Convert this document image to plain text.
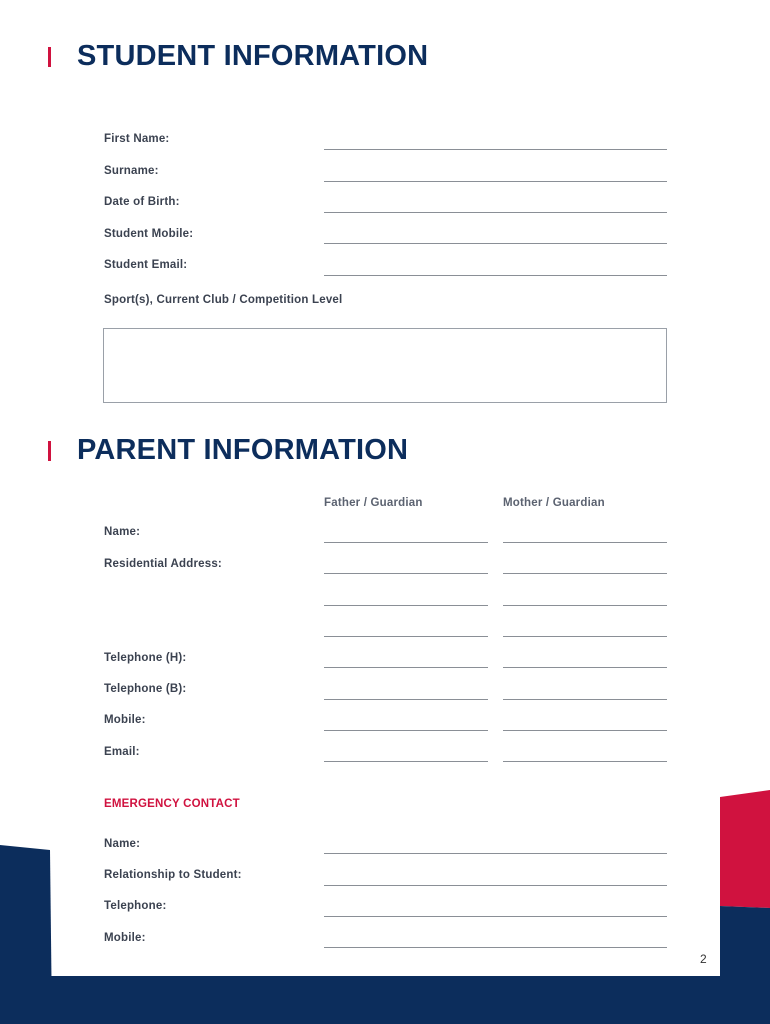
STUDENT INFORMATION
First Name:
Surname:
Date of Birth:
Student Mobile:
Student Email:
Sport(s), Current Club / Competition Level
PARENT INFORMATION
Father / Guardian	Mother / Guardian
Name:
Residential Address:
Telephone (H):
Telephone (B):
Mobile:
Email:
EMERGENCY CONTACT
Name:
Relationship to Student:
Telephone:
Mobile:
2
